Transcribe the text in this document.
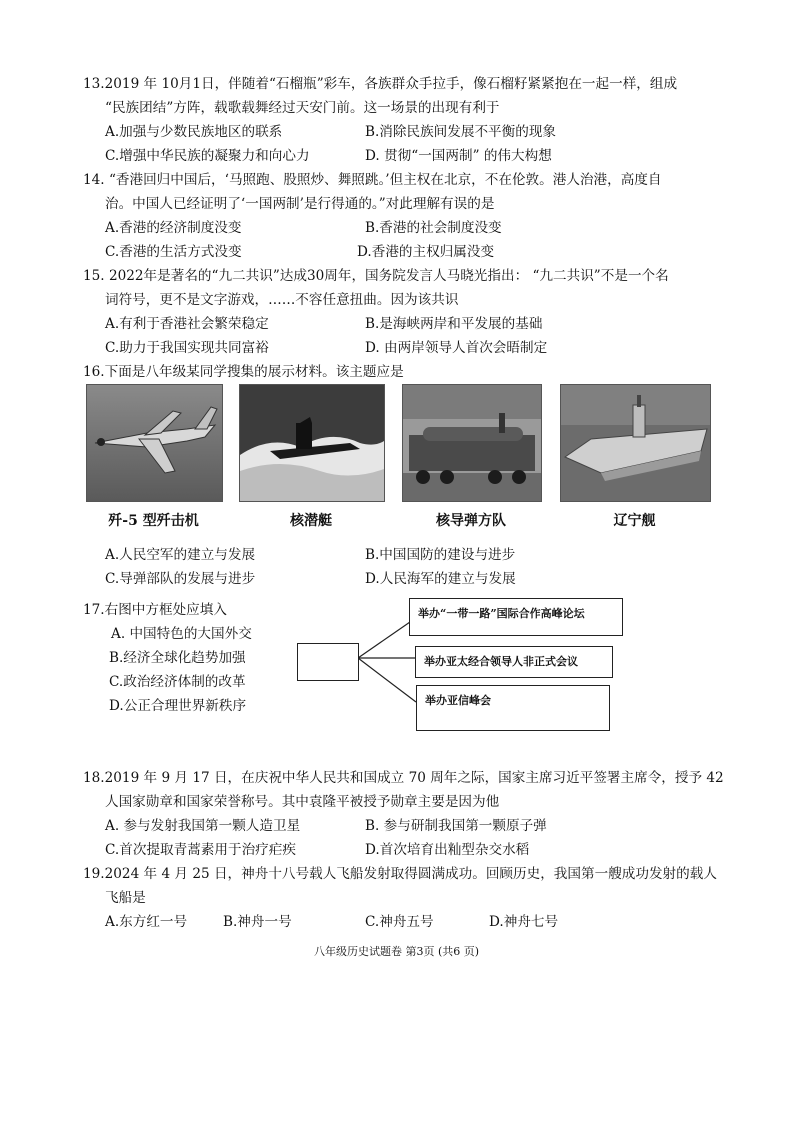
13.2019 年 10月1日，伴随着“石榴瓶”彩车，各族群众手拉手，像石榴籽紧紧抱在一起一样，组成
“民族团结”方阵，载歌载舞经过天安门前。这一场景的出现有利于
A.加强与少数民族地区的联系	B.消除民族间发展不平衡的现象
C.增强中华民族的凝聚力和向心力	D. 贯彻“一国两制” 的伟大构想
14. “香港回归中国后，‘马照跑、股照炒、舞照跳。’但主权在北京，不在伦敦。港人治港，高度自
治。中国人已经证明了‘一国两制’是行得通的。”对此理解有误的是
A.香港的经济制度没变	B.香港的社会制度没变
C.香港的生活方式没变	D.香港的主权归属没变
15. 2022年是著名的“九二共识”达成30周年，国务院发言人马晓光指出： “九二共识”不是一个名
词符号，更不是文字游戏，……不容任意扭曲。因为该共识
A.有利于香港社会繁荣稳定	B.是海峡两岸和平发展的基础
C.助力于我国实现共同富裕	D. 由两岸领导人首次会晤制定
16.下面是八年级某同学搜集的展示材料。该主题应是
歼-5 型歼击机	核潜艇	核导弹方队	辽宁舰
A.人民空军的建立与发展	B.中国国防的建设与进步
C.导弹部队的发展与进步	D.人民海军的建立与发展
17.右图中方框处应填入
A. 中国特色的大国外交
B.经济全球化趋势加强
C.政治经济体制的改革
D.公正合理世界新秩序
举办“一带一路”国际合作高峰论坛
举办亚太经合领导人非正式会议
举办亚信峰会
18.2019 年 9 月 17 日，在庆祝中华人民共和国成立 70 周年之际，国家主席习近平签署主席令，授予 42
人国家勋章和国家荣誉称号。其中袁隆平被授予勋章主要是因为他
A. 参与发射我国第一颗人造卫星	B. 参与研制我国第一颗原子弹
C.首次提取青蒿素用于治疗疟疾	D.首次培育出籼型杂交水稻
19.2024 年 4 月 25 日，神舟十八号载人飞船发射取得圆满成功。回顾历史，我国第一艘成功发射的载人
飞船是
A.东方红一号	B.神舟一号	C.神舟五号	D.神舟七号
八年级历史试题卷 第3页 (共6 页)
